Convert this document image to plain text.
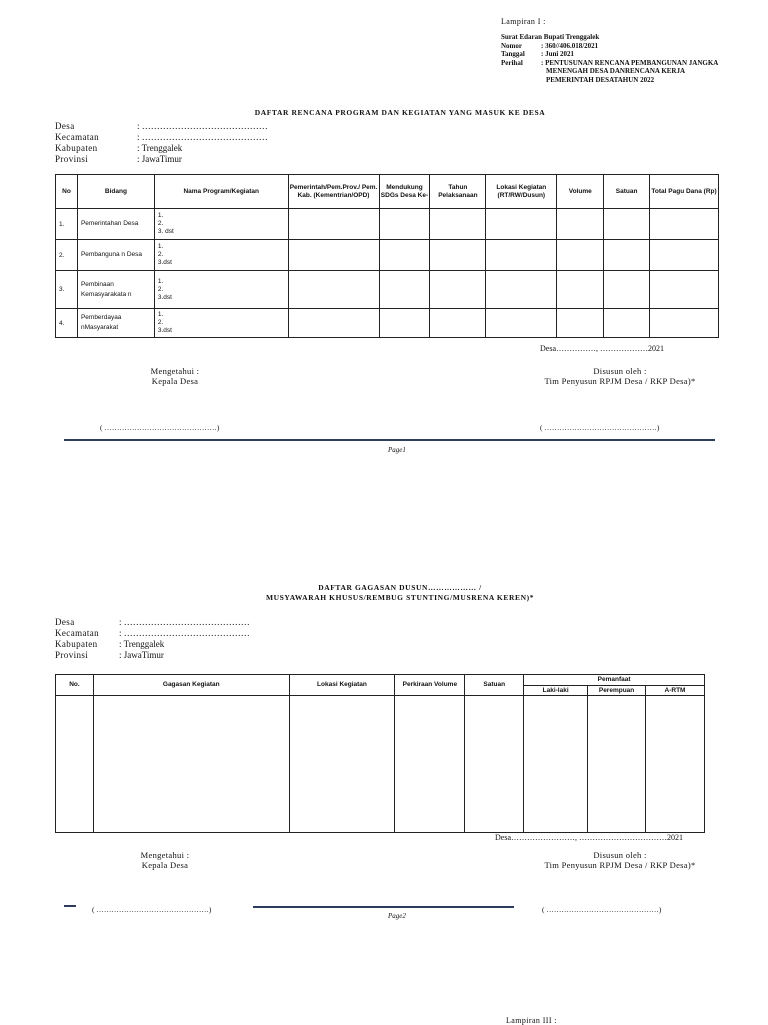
Lampiran I :
Surat Edaran Bupati Trenggalek
Nomor	: 360//406.018/2021
Tanggal	: Juni 2021
Perihal	: PENTUSUNAN RENCANA PEMBANGUNAN JANGKA
MENENGAH DESA DANRENCANA KERJA
PEMERINTAH DESATAHUN 2022
DAFTAR RENCANA PROGRAM DAN KEGIATAN YANG MASUK KE DESA
Desa	: ……………………………………
Kecamatan	: ……………………………………
Kabupaten	: Trenggalek
Provinsi	: JawaTimur
No	Bidang	Nama Program/Kegiatan	Pemerintah/Pem.Prov./ Pem. Kab. (Kementrian/OPD)	Mendukung SDGs Desa Ke-	Tahun Pelaksanaan	Lokasi Kegiatan (RT/RW/Dusun)	Volume	Satuan	Total Pagu Dana (Rp)
1.	Pemerintahan Desa	1.
2.
3. dst							

2.	Pembanguna n Desa	1.
2.
3.dst							

3.	Pembinaan Kemasyarakata n	1.
2.
3.dst							

4.	Pemberdayaa nMasyarakat	1.
2.
3.dst							

Desa……………, ………………2021
Mengetahui :
Kepala Desa
Disusun oleh :
Tim Penyusun RPJM Desa / RKP Desa)*
( ………………………………………)	( ………………………………………)
Page1
DAFTAR GAGASAN DUSUN……………… /
MUSYAWARAH KHUSUS/REMBUG STUNTING/MUSRENA KEREN)*
Desa	: ……………………………………
Kecamatan	: ……………………………………
Kabupaten	: Trenggalek
Provinsi	: JawaTimur
No.	Gagasan Kegiatan	Lokasi Kegiatan	Perkiraan Volume	Satuan	Pemanfaat		
					Laki-laki	Perempuan	A-RTM

Desa……………………, ……………………………2021
Mengetahui :
Kepala Desa
Disusun oleh :
Tim Penyusun RPJM Desa / RKP Desa)*
( ………………………………………)	( ………………………………………)
Page2
Lampiran III :
